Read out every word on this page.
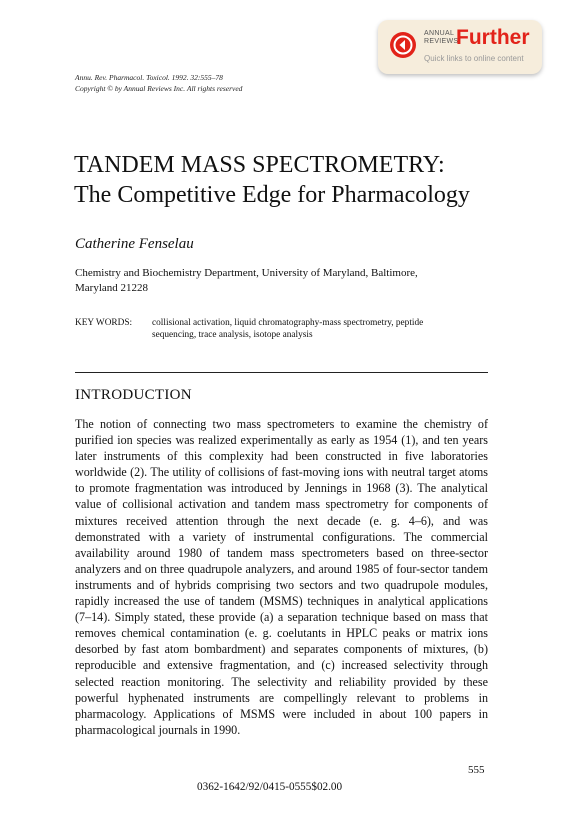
ANNUAL
REVIEWS
Further
Quick links to online content
Annu. Rev. Pharmacol. Toxicol. 1992. 32:555–78
Copyright © by Annual Reviews Inc. All rights reserved
TANDEM MASS SPECTROMETRY:
The Competitive Edge for Pharmacology
Catherine Fenselau
Chemistry and Biochemistry Department, University of Maryland, Baltimore,
Maryland 21228
KEY WORDS: collisional activation, liquid chromatography-mass spectrometry, peptide
sequencing, trace analysis, isotope analysis
INTRODUCTION
The notion of connecting two mass spectrometers to examine the chemistry of purified ion species was realized experimentally as early as 1954 (1), and ten years later instruments of this complexity had been constructed in five laboratories worldwide (2). The utility of collisions of fast-moving ions with neutral target atoms to promote fragmentation was introduced by Jennings in 1968 (3). The analytical value of collisional activation and tandem mass spectrometry for components of mixtures received attention through the next decade (e. g. 4–6), and was demonstrated with a variety of instrumental configurations. The commercial availability around 1980 of tandem mass spectrometers based on three-sector analyzers and on three quadrupole analyzers, and around 1985 of four-sector tandem instruments and of hybrids comprising two sectors and two quadrupole modules, rapidly increased the use of tandem (MSMS) techniques in analytical applications (7–14). Simply stated, these provide (a) a separation technique based on mass that removes chemical contamination (e. g. coelutants in HPLC peaks or matrix ions desorbed by fast atom bombardment) and separates components of mixtures, (b) reproducible and extensive fragmentation, and (c) increased selectivity through selected reaction monitoring. The selectivity and reliability provided by these powerful hyphenated instruments are compellingly relevant to problems in pharmacology. Applications of MSMS were included in about 100 papers in pharmacological journals in 1990.
555
0362-1642/92/0415-0555$02.00
